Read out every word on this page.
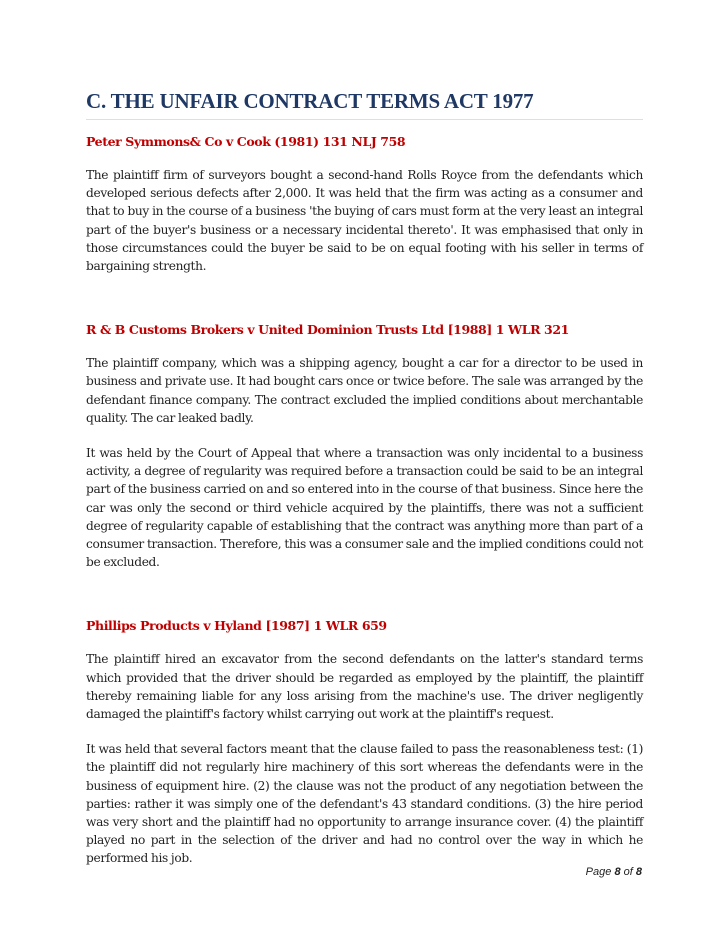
C. THE UNFAIR CONTRACT TERMS ACT 1977
Peter Symmons& Co v Cook (1981) 131 NLJ 758

The plaintiff firm of surveyors bought a second-hand Rolls Royce from the defendants which developed serious defects after 2,000. It was held that the firm was acting as a consumer and that to buy in the course of a business 'the buying of cars must form at the very least an integral part of the buyer's business or a necessary incidental thereto'. It was emphasised that only in those circumstances could the buyer be said to be on equal footing with his seller in terms of bargaining strength.

R & B Customs Brokers v United Dominion Trusts Ltd [1988] 1 WLR 321

The plaintiff company, which was a shipping agency, bought a car for a director to be used in business and private use. It had bought cars once or twice before. The sale was arranged by the defendant finance company. The contract excluded the implied conditions about merchantable quality. The car leaked badly.

It was held by the Court of Appeal that where a transaction was only incidental to a business activity, a degree of regularity was required before a transaction could be said to be an integral part of the business carried on and so entered into in the course of that business. Since here the car was only the second or third vehicle acquired by the plaintiffs, there was not a sufficient degree of regularity capable of establishing that the contract was anything more than part of a consumer transaction. Therefore, this was a consumer sale and the implied conditions could not be excluded.

Phillips Products v Hyland [1987] 1 WLR 659

The plaintiff hired an excavator from the second defendants on the latter's standard terms which provided that the driver should be regarded as employed by the plaintiff, the plaintiff thereby remaining liable for any loss arising from the machine's use. The driver negligently damaged the plaintiff's factory whilst carrying out work at the plaintiff's request.

It was held that several factors meant that the clause failed to pass the reasonableness test: (1) the plaintiff did not regularly hire machinery of this sort whereas the defendants were in the business of equipment hire. (2) the clause was not the product of any negotiation between the parties: rather it was simply one of the defendant's 43 standard conditions. (3) the hire period was very short and the plaintiff had no opportunity to arrange insurance cover. (4) the plaintiff played no part in the selection of the driver and had no control over the way in which he performed his job.

Page 8 of 8
